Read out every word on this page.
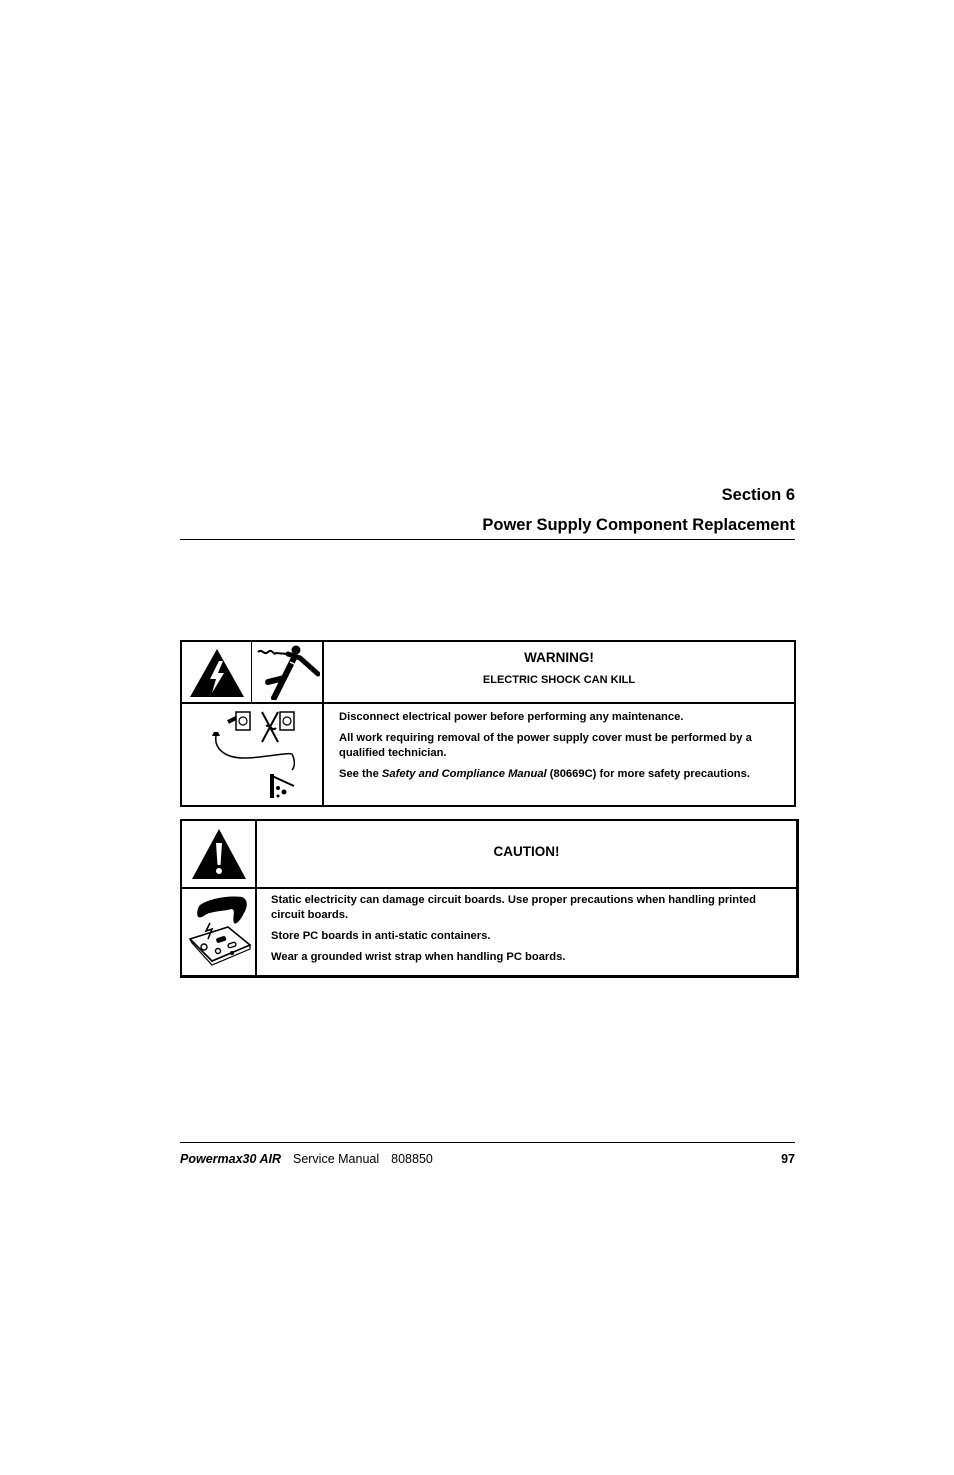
Section 6
Power Supply Component Replacement
WARNING!
ELECTRIC SHOCK CAN KILL

Disconnect electrical power before performing any maintenance.

All work requiring removal of the power supply cover must be performed by a qualified technician.

See the Safety and Compliance Manual (80669C) for more safety precautions.

CAUTION!

Static electricity can damage circuit boards. Use proper precautions when handling printed circuit boards.

Store PC boards in anti-static containers.

Wear a grounded wrist strap when handling PC boards.

Powermax30 AIR Service Manual 808850	97
